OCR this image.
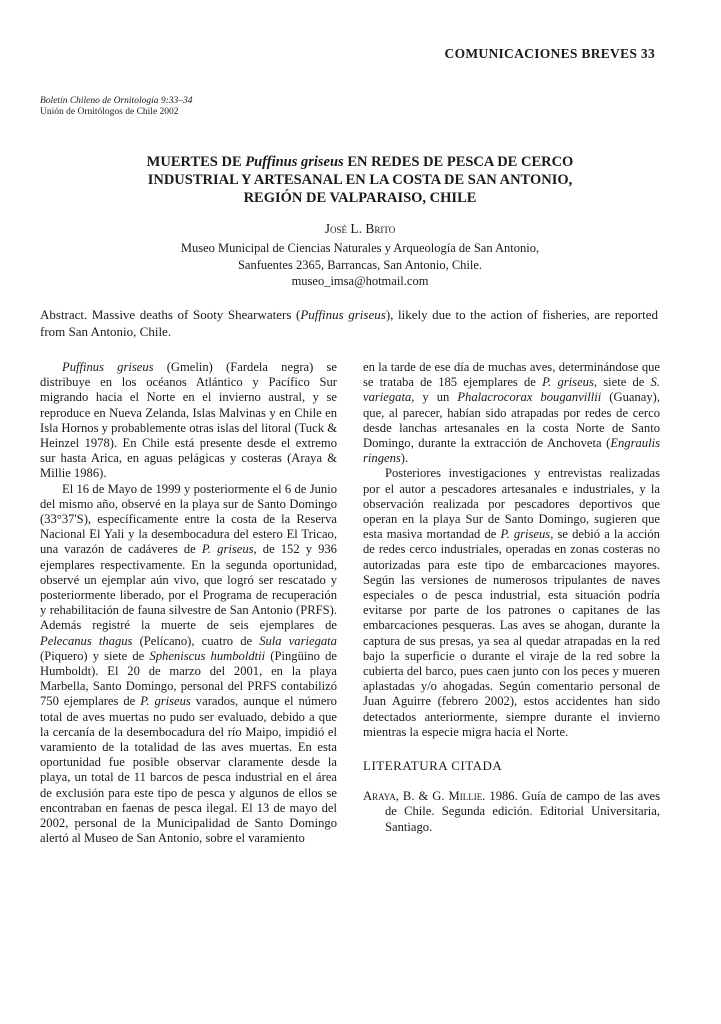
COMUNICACIONES BREVES 33
Boletín Chileno de Ornitología 9:33–34
Unión de Ornitólogos de Chile 2002
MUERTES DE Puffinus griseus EN REDES DE PESCA DE CERCO
INDUSTRIAL Y ARTESANAL EN LA COSTA DE SAN ANTONIO,
REGIÓN DE VALPARAISO, CHILE
José L. Brito
Museo Municipal de Ciencias Naturales y Arqueología de San Antonio,
Sanfuentes 2365, Barrancas, San Antonio, Chile.
museo_imsa@hotmail.com
Abstract. Massive deaths of Sooty Shearwaters (Puffinus griseus), likely due to the action of fisheries, are reported from San Antonio, Chile.

Puffinus griseus (Gmelin) (Fardela negra) se distribuye en los océanos Atlántico y Pacífico Sur migrando hacia el Norte en el invierno austral, y se reproduce en Nueva Zelanda, Islas Malvinas y en Chile en Isla Hornos y probablemente otras islas del litoral (Tuck & Heinzel 1978). En Chile está presente desde el extremo sur hasta Arica, en aguas pelágicas y costeras (Araya & Millie 1986).

El 16 de Mayo de 1999 y posteriormente el 6 de Junio del mismo año, observé en la playa sur de Santo Domingo (33°37'S), específicamente entre la costa de la Reserva Nacional El Yali y la desembocadura del estero El Tricao, una varazón de cadáveres de P. griseus, de 152 y 936 ejemplares respectivamente. En la segunda oportunidad, observé un ejemplar aún vivo, que logró ser rescatado y posteriormente liberado, por el Programa de recuperación y rehabilitación de fauna silvestre de San Antonio (PRFS). Además registré la muerte de seis ejemplares de Pelecanus thagus (Pelícano), cuatro de Sula variegata (Piquero) y siete de Spheniscus humboldtii (Pingüino de Humboldt). El 20 de marzo del 2001, en la playa Marbella, Santo Domingo, personal del PRFS contabilizó 750 ejemplares de P. griseus varados, aunque el número total de aves muertas no pudo ser evaluado, debido a que la cercanía de la desembocadura del río Maipo, impidió el varamiento de la totalidad de las aves muertas. En esta oportunidad fue posible observar claramente desde la playa, un total de 11 barcos de pesca industrial en el área de exclusión para este tipo de pesca y algunos de ellos se encontraban en faenas de pesca ilegal. El 13 de mayo del 2002, personal de la Municipalidad de Santo Domingo alertó al Museo de San Antonio, sobre el varamiento

en la tarde de ese día de muchas aves, determinándose que se trataba de 185 ejemplares de P. griseus, siete de S. variegata, y un Phalacrocorax bouganvillii (Guanay), que, al parecer, habían sido atrapadas por redes de cerco desde lanchas artesanales en la costa Norte de Santo Domingo, durante la extracción de Anchoveta (Engraulis ringens).

Posteriores investigaciones y entrevistas realizadas por el autor a pescadores artesanales e industriales, y la observación realizada por pescadores deportivos que operan en la playa Sur de Santo Domingo, sugieren que esta masiva mortandad de P. griseus, se debió a la acción de redes cerco industriales, operadas en zonas costeras no autorizadas para este tipo de embarcaciones mayores. Según las versiones de numerosos tripulantes de naves especiales o de pesca industrial, esta situación podría evitarse por parte de los patrones o capitanes de las embarcaciones pesqueras. Las aves se ahogan, durante la captura de sus presas, ya sea al quedar atrapadas en la red bajo la superficie o durante el viraje de la red sobre la cubierta del barco, pues caen junto con los peces y mueren aplastadas y/o ahogadas. Según comentario personal de Juan Aguirre (febrero 2002), estos accidentes han sido detectados anteriormente, siempre durante el invierno mientras la especie migra hacia el Norte.

LITERATURA CITADA
Araya, B. & G. Millie. 1986. Guía de campo de las aves de Chile. Segunda edición. Editorial Universitaria, Santiago.
